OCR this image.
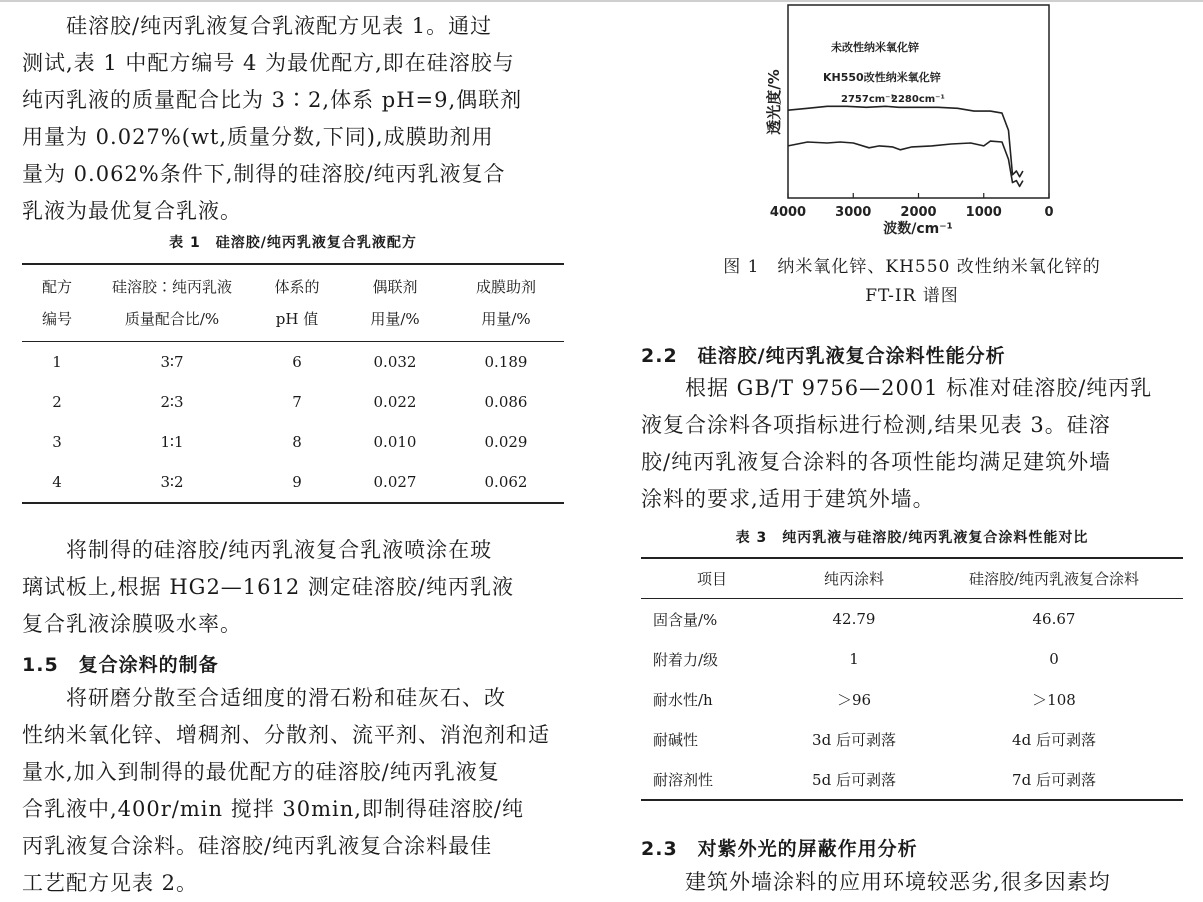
硅溶胶/纯丙乳液复合乳液配方见表 1。通过
测试,表 1 中配方编号 4 为最优配方,即在硅溶胶与
纯丙乳液的质量配合比为 3∶2,体系 pH=9,偶联剂
用量为 0.027%(wt,质量分数,下同),成膜助剂用
量为 0.062%条件下,制得的硅溶胶/纯丙乳液复合
乳液为最优复合乳液。

表 1　硅溶胶/纯丙乳液复合乳液配方
配方	硅溶胶∶纯丙乳液	体系的	偶联剂	成膜助剂
编号	质量配合比/%	pH 值	用量/%	用量/%
1	3∶7	6	0.032	0.189
2	2∶3	7	0.022	0.086
3	1∶1	8	0.010	0.029
4	3∶2	9	0.027	0.062

将制得的硅溶胶/纯丙乳液复合乳液喷涂在玻
璃试板上,根据 HG2—1612 测定硅溶胶/纯丙乳液
复合乳液涂膜吸水率。

1.5　复合涂料的制备

将研磨分散至合适细度的滑石粉和硅灰石、改
性纳米氧化锌、增稠剂、分散剂、流平剂、消泡剂和适
量水,加入到制得的最优配方的硅溶胶/纯丙乳液复
合乳液中,400r/min 搅拌 30min,即制得硅溶胶/纯
丙乳液复合涂料。硅溶胶/纯丙乳液复合涂料最佳
工艺配方见表 2。

4000 3000 2000 1000	0
未改性纳米氧化锌
KH550改性纳米氧化锌
2757cm⁻¹
2280cm⁻¹
透光度/%
波数/cm⁻¹
图 1　纳米氧化锌、KH550 改性纳米氧化锌的
FT-IR 谱图
2.2　硅溶胶/纯丙乳液复合涂料性能分析

根据 GB/T 9756—2001 标准对硅溶胶/纯丙乳
液复合涂料各项指标进行检测,结果见表 3。硅溶
胶/纯丙乳液复合涂料的各项性能均满足建筑外墙
涂料的要求,适用于建筑外墙。

表 3　纯丙乳液与硅溶胶/纯丙乳液复合涂料性能对比
项目	纯丙涂料	硅溶胶/纯丙乳液复合涂料
固含量/%	42.79	46.67
附着力/级	1	0
耐水性/h	＞96	＞108
耐碱性	3d 后可剥落	4d 后可剥落
耐溶剂性	5d 后可剥落	7d 后可剥落
2.3　对紫外光的屏蔽作用分析

建筑外墙涂料的应用环境较恶劣,很多因素均
